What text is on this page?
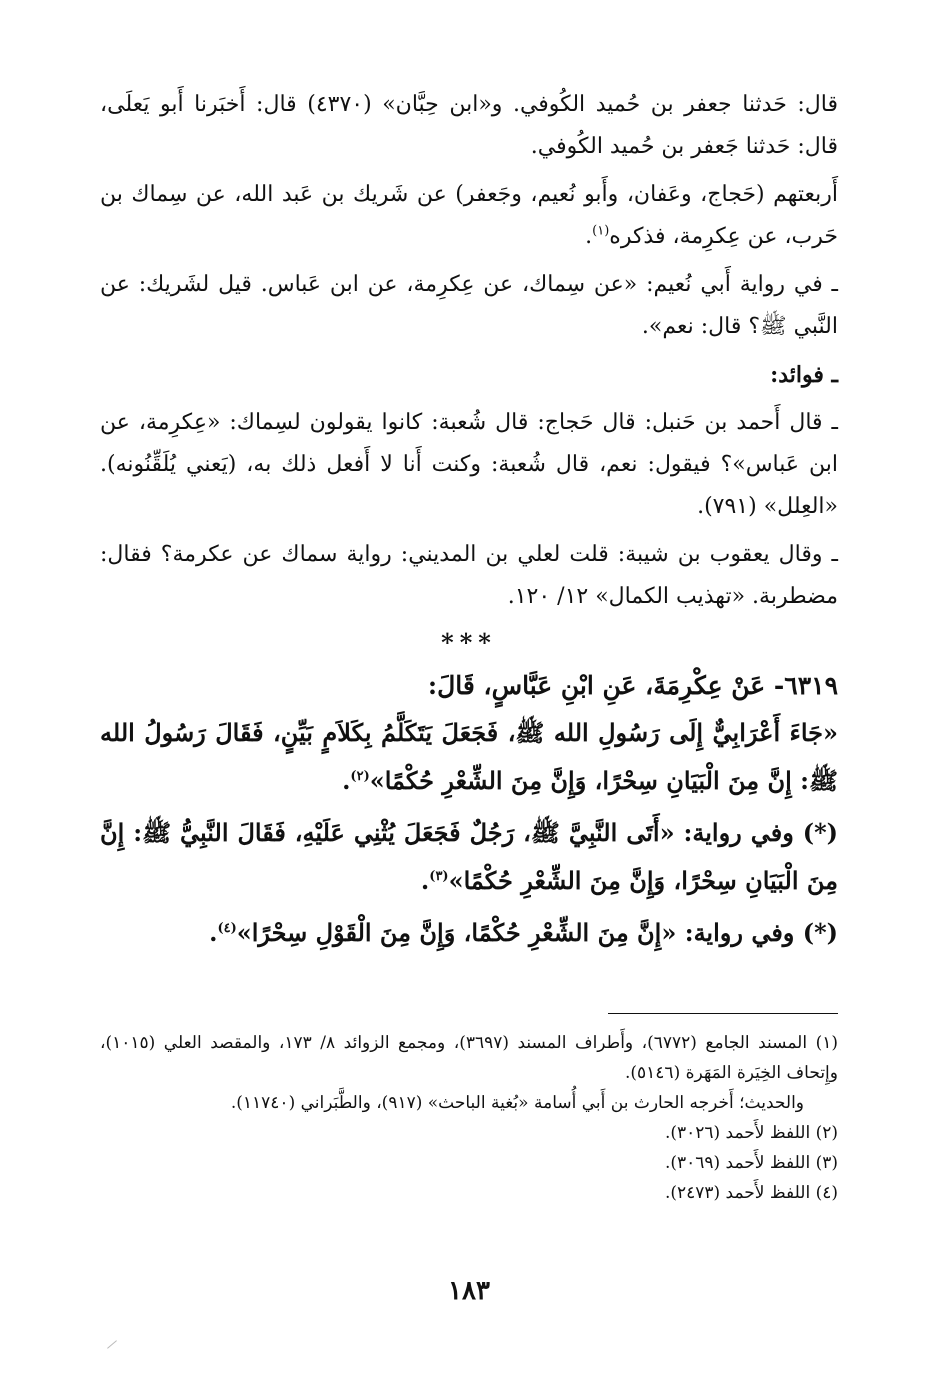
قال: حَدثنا جعفر بن حُميد الكُوفي. و«ابن حِبَّان» (٤٣٧٠) قال: أَخبَرنا أَبو يَعلَى، قال: حَدثنا جَعفر بن حُميد الكُوفي.

أَربعتهم (حَجاج، وعَفان، وأَبو نُعيم، وجَعفر) عن شَريك بن عَبد الله، عن سِماك بن حَرب، عن عِكرِمة، فذكره$^{(١)}$.

ـ في رواية أَبي نُعيم: «عن سِماك، عن عِكرِمة، عن ابن عَباس. قيل لشَريك: عن النَّبي ﷺ؟ قال: نعم».

ـ فوائد:

ـ قال أَحمد بن حَنبل: قال حَجاج: قال شُعبة: كانوا يقولون لسِماك: «عِكرِمة، عن ابن عَباس»؟ فيقول: نعم، قال شُعبة: وكنت أَنا لا أَفعل ذلك به، (يَعني يُلَقِّنُونه). «العِلل» (٧٩١).

ـ وقال يعقوب بن شيبة: قلت لعلي بن المديني: رواية سماك عن عكرمة؟ فقال: مضطربة. «تهذيب الكمال» ١٢/ ١٢٠.

***

٦٣١٩- عَنْ عِكْرِمَةَ، عَنِ ابْنِ عَبَّاسٍ، قَالَ:

«جَاءَ أَعْرَابِيٌّ إِلَى رَسُولِ الله ﷺ، فَجَعَلَ يَتَكَلَّمُ بِكَلاَمٍ بَيِّنٍ، فَقَالَ رَسُولُ الله ﷺ: إِنَّ مِنَ الْبَيَانِ سِحْرًا، وَإِنَّ مِنَ الشِّعْرِ حُكْمًا»$^{(٢)}$.

(*) وفي رواية: «أَتَى النَّبِيَّ ﷺ، رَجُلٌ فَجَعَلَ يُثْنِي عَلَيْهِ، فَقَالَ النَّبِيُّ ﷺ: إِنَّ مِنَ الْبَيَانِ سِحْرًا، وَإِنَّ مِنَ الشِّعْرِ حُكْمًا»$^{(٣)}$.

(*) وفي رواية: «إِنَّ مِنَ الشِّعْرِ حُكْمًا، وَإِنَّ مِنَ الْقَوْلِ سِحْرًا»$^{(٤)}$.

(١) المسند الجامع (٦٧٧٢)، وأَطراف المسند (٣٦٩٧)، ومجمع الزوائد ٨/ ١٧٣، والمقصد العلي (١٠١٥)، وإِتحاف الخِيَرة المَهَرة (٥١٤٦).

والحديث؛ أَخرجه الحارث بن أَبي أُسامة «بُغية الباحث» (٩١٧)، والطَّبَراني (١١٧٤٠).

(٢) اللفظ لأَحمد (٣٠٢٦).

(٣) اللفظ لأَحمد (٣٠٦٩).

(٤) اللفظ لأَحمد (٢٤٧٣).

١٨٣
